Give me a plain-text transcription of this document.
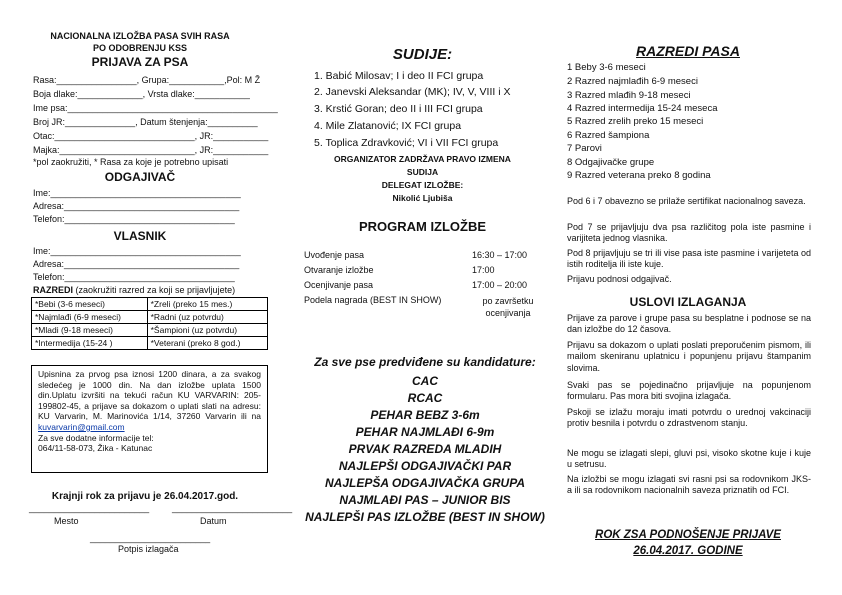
NACIONALNA IZLOŽBA PASA SVIH RASA
PO ODOBRENJU KSS
PRIJAVA ZA PSA
Rasa:________________, Grupa:___________,Pol: M Ž
Boja dlake:_____________, Vrsta dlake:___________
Ime psa:__________________________________________
Broj JR:______________, Datum štenjenja:__________
Otac:____________________________, JR:___________
Majka:___________________________, JR:___________
*pol zaokružiti, * Rasa za koje je potrebno upisati
ODGAJIVAČ
Ime:______________________________________
Adresa:___________________________________
Telefon:__________________________________
VLASNIK
Ime:______________________________________
Adresa:___________________________________
Telefon:__________________________________
RAZREDI (zaokružiti razred za koji se prijavljujete)
*Bebi (3-6 meseci)	*Zreli (preko 15 mes.)
*Najmlađi (6-9 meseci)	*Radni (uz potvrdu)
*Mladi (9-18 meseci)	*Šampioni (uz potvrdu)
*Intermedija (15-24 )	*Veterani (preko 8 god.)
Upisnina za prvog psa iznosi 1200 dinara, a za svakog sledećeg je 1000 din. Na dan izložbe uplata 1500 din.Uplatu izvršiti na tekući račun KU VARVARIN: 205-199802-45, a prijave sa dokazom o uplati slati na adresu: KU Varvarin, M. Marinovića 1/14, 37260 Varvarin ili na kuvarvarin@gmail.com
Za sve dodatne informacije tel:
064/11-58-073, Žika - Katunac
Krajnji rok za prijavu je 26.04.2017.god.
________________________	________________________
Mesto	Datum
________________________
Potpis izlagača
SUDIJE:
1. Babić Milosav; I i deo II FCI grupa
2. Janevski Aleksandar (MK); IV, V, VIII i X
3. Krstić Goran; deo II i III FCI grupa
4. Mile Zlatanović; IX FCI grupa
5. Toplica Zdravković; VI i VII FCI grupa
ORGANIZATOR ZADRŽAVA PRAVO IZMENA
SUDIJA
DELEGAT IZLOŽBE:
Nikolić Ljubiša
PROGRAM IZLOŽBE
Uvođenje pasa	16:30 – 17:00
Otvaranje izložbe	17:00
Ocenjivanje pasa	17:00 – 20:00
Podela nagrada (BEST IN SHOW)	po završetku ocenjivanja
Za sve pse predviđene su kandidature:
CAC
RCAC
PEHAR BEBZ 3-6m
PEHAR NAJMLAĐI 6-9m
PRVAK RAZREDA MLADIH
NAJLEPŠI ODGAJIVAČKI PAR
NAJLEPŠA ODGAJIVAČKA GRUPA
NAJMLAĐI PAS – JUNIOR BIS
NAJLEPŠI PAS IZLOŽBE (BEST IN SHOW)
RAZREDI PASA
1 Beby 3-6 meseci
2 Razred najmlađih 6-9 meseci
3 Razred mlađih 9-18 meseci
4 Razred intermedija 15-24 meseca
5 Razred zrelih preko 15 meseci
6 Razred šampiona
7 Parovi
8 Odgajivačke grupe
9 Razred veterana preko 8 godina
Pod 6 i 7 obavezno se prilaže sertifikat nacionalnog saveza.
Pod 7 se prijavljuju dva psa različitog pola iste pasmine i varijiteta jednog vlasnika.
Pod 8 prijavljuju se tri ili vise pasa iste pasmine i varijeteta od istih roditelja ili iste kuje.
Prijavu podnosi odgajivač.
USLOVI IZLAGANJA
Prijave za parove i grupe pasa su besplatne i podnose se na dan izložbe do 12 časova.
Prijavu sa dokazom o uplati poslati preporučenim pismom, ili mailom skeniranu uplatnicu i popunjenu prijavu štampanim slovima.
Svaki pas se pojedinačno prijavljuje na popunjenom formularu. Pas mora biti svojina izlagača.
Pskoji se izlažu moraju imati potvrdu o urednoj vakcinaciji protiv besnila i potvrdu o zdrastvenom stanju.
Ne mogu se izlagati slepi, gluvi psi, visoko skotne kuje i kuje u setrusu.
Na izložbi se mogu izlagati svi rasni psi sa rodovnikom JKS-a ili sa rodovnikom nacionalnih saveza priznatih od FCI.
ROK ZSA PODNOŠENJE PRIJAVE
26.04.2017. GODINE
